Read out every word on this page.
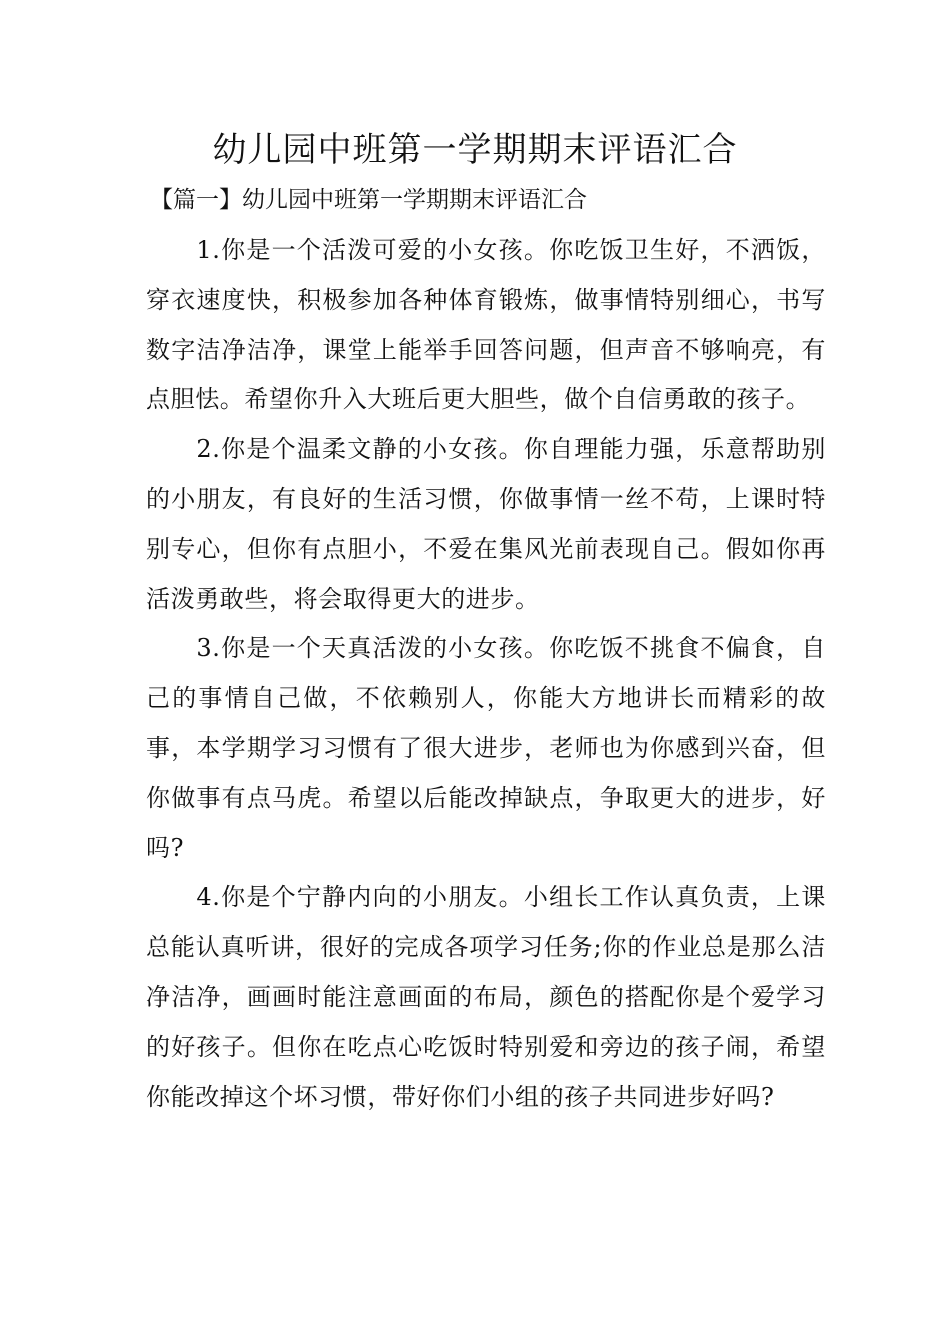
幼儿园中班第一学期期末评语汇合
【篇一】幼儿园中班第一学期期末评语汇合

1.你是一个活泼可爱的小女孩。你吃饭卫生好，不洒饭，穿衣速度快，积极参加各种体育锻炼，做事情特别细心，书写数字洁净洁净，课堂上能举手回答问题，但声音不够响亮，有点胆怯。希望你升入大班后更大胆些，做个自信勇敢的孩子。

2.你是个温柔文静的小女孩。你自理能力强，乐意帮助别的小朋友，有良好的生活习惯，你做事情一丝不苟，上课时特别专心，但你有点胆小，不爱在集风光前表现自己。假如你再活泼勇敢些，将会取得更大的进步。

3.你是一个天真活泼的小女孩。你吃饭不挑食不偏食，自己的事情自己做，不依赖别人，你能大方地讲长而精彩的故事，本学期学习习惯有了很大进步，老师也为你感到兴奋，但你做事有点马虎。希望以后能改掉缺点，争取更大的进步，好吗?

4.你是个宁静内向的小朋友。小组长工作认真负责，上课总能认真听讲，很好的完成各项学习任务;你的作业总是那么洁净洁净，画画时能注意画面的布局，颜色的搭配你是个爱学习的好孩子。但你在吃点心吃饭时特别爱和旁边的孩子闹，希望你能改掉这个坏习惯，带好你们小组的孩子共同进步好吗?
